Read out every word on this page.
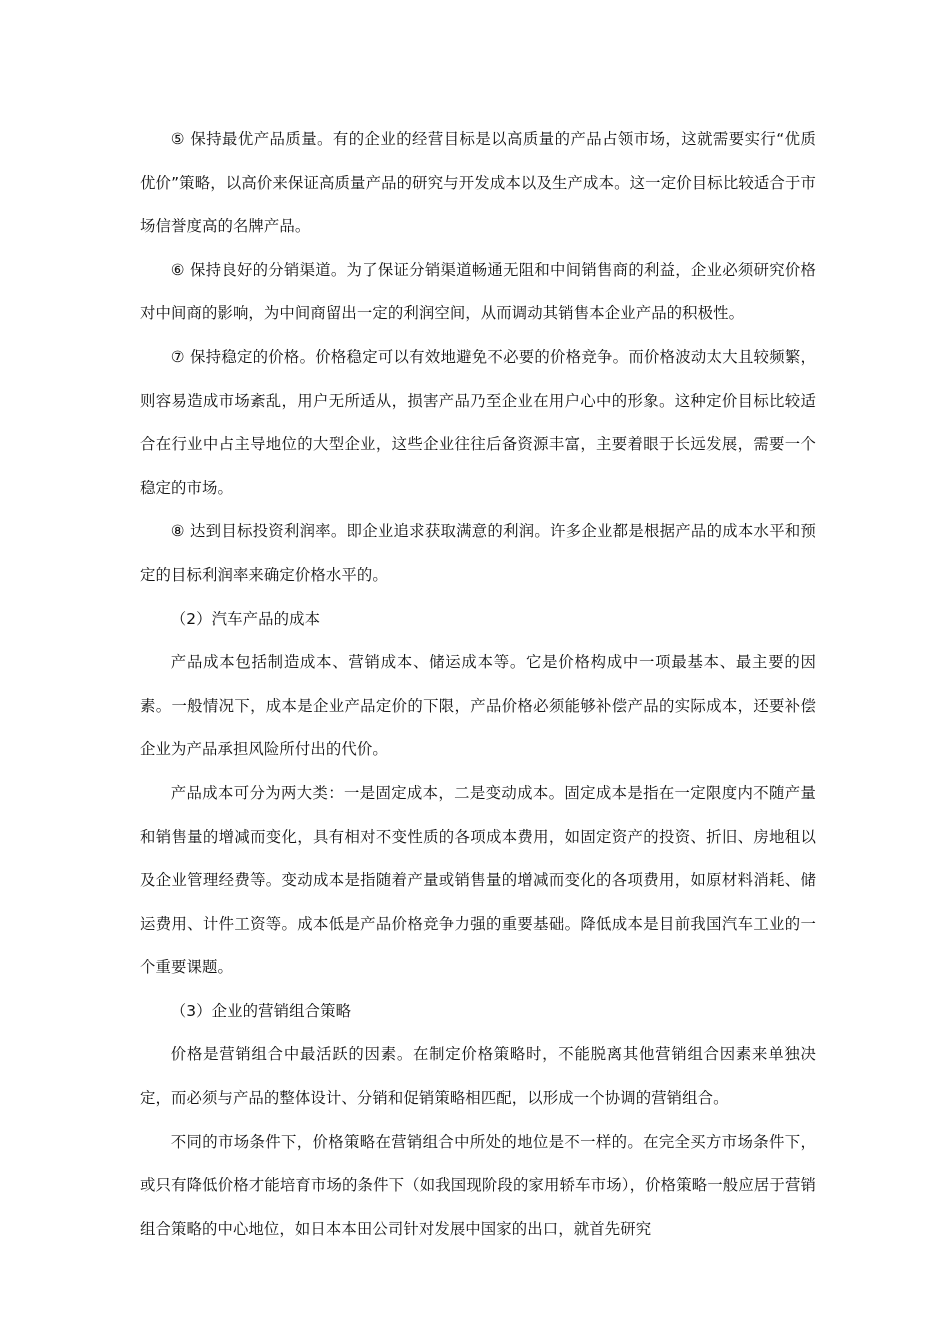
⑤ 保持最优产品质量。有的企业的经营目标是以高质量的产品占领市场，这就需要实行“优质优价”策略，以高价来保证高质量产品的研究与开发成本以及生产成本。这一定价目标比较适合于市场信誉度高的名牌产品。

⑥ 保持良好的分销渠道。为了保证分销渠道畅通无阻和中间销售商的利益，企业必须研究价格对中间商的影响，为中间商留出一定的利润空间，从而调动其销售本企业产品的积极性。

⑦ 保持稳定的价格。价格稳定可以有效地避免不必要的价格竞争。而价格波动太大且较频繁，则容易造成市场紊乱，用户无所适从，损害产品乃至企业在用户心中的形象。这种定价目标比较适合在行业中占主导地位的大型企业，这些企业往往后备资源丰富，主要着眼于长远发展，需要一个稳定的市场。

⑧ 达到目标投资利润率。即企业追求获取满意的利润。许多企业都是根据产品的成本水平和预定的目标利润率来确定价格水平的。

（2）汽车产品的成本

产品成本包括制造成本、营销成本、储运成本等。它是价格构成中一项最基本、最主要的因素。一般情况下，成本是企业产品定价的下限，产品价格必须能够补偿产品的实际成本，还要补偿企业为产品承担风险所付出的代价。

产品成本可分为两大类：一是固定成本，二是变动成本。固定成本是指在一定限度内不随产量和销售量的增减而变化，具有相对不变性质的各项成本费用，如固定资产的投资、折旧、房地租以及企业管理经费等。变动成本是指随着产量或销售量的增减而变化的各项费用，如原材料消耗、储运费用、计件工资等。成本低是产品价格竞争力强的重要基础。降低成本是目前我国汽车工业的一个重要课题。

（3）企业的营销组合策略

价格是营销组合中最活跃的因素。在制定价格策略时，不能脱离其他营销组合因素来单独决定，而必须与产品的整体设计、分销和促销策略相匹配，以形成一个协调的营销组合。

不同的市场条件下，价格策略在营销组合中所处的地位是不一样的。在完全买方市场条件下，或只有降低价格才能培育市场的条件下（如我国现阶段的家用轿车市场），价格策略一般应居于营销组合策略的中心地位，如日本本田公司针对发展中国家的出口，就首先研究
